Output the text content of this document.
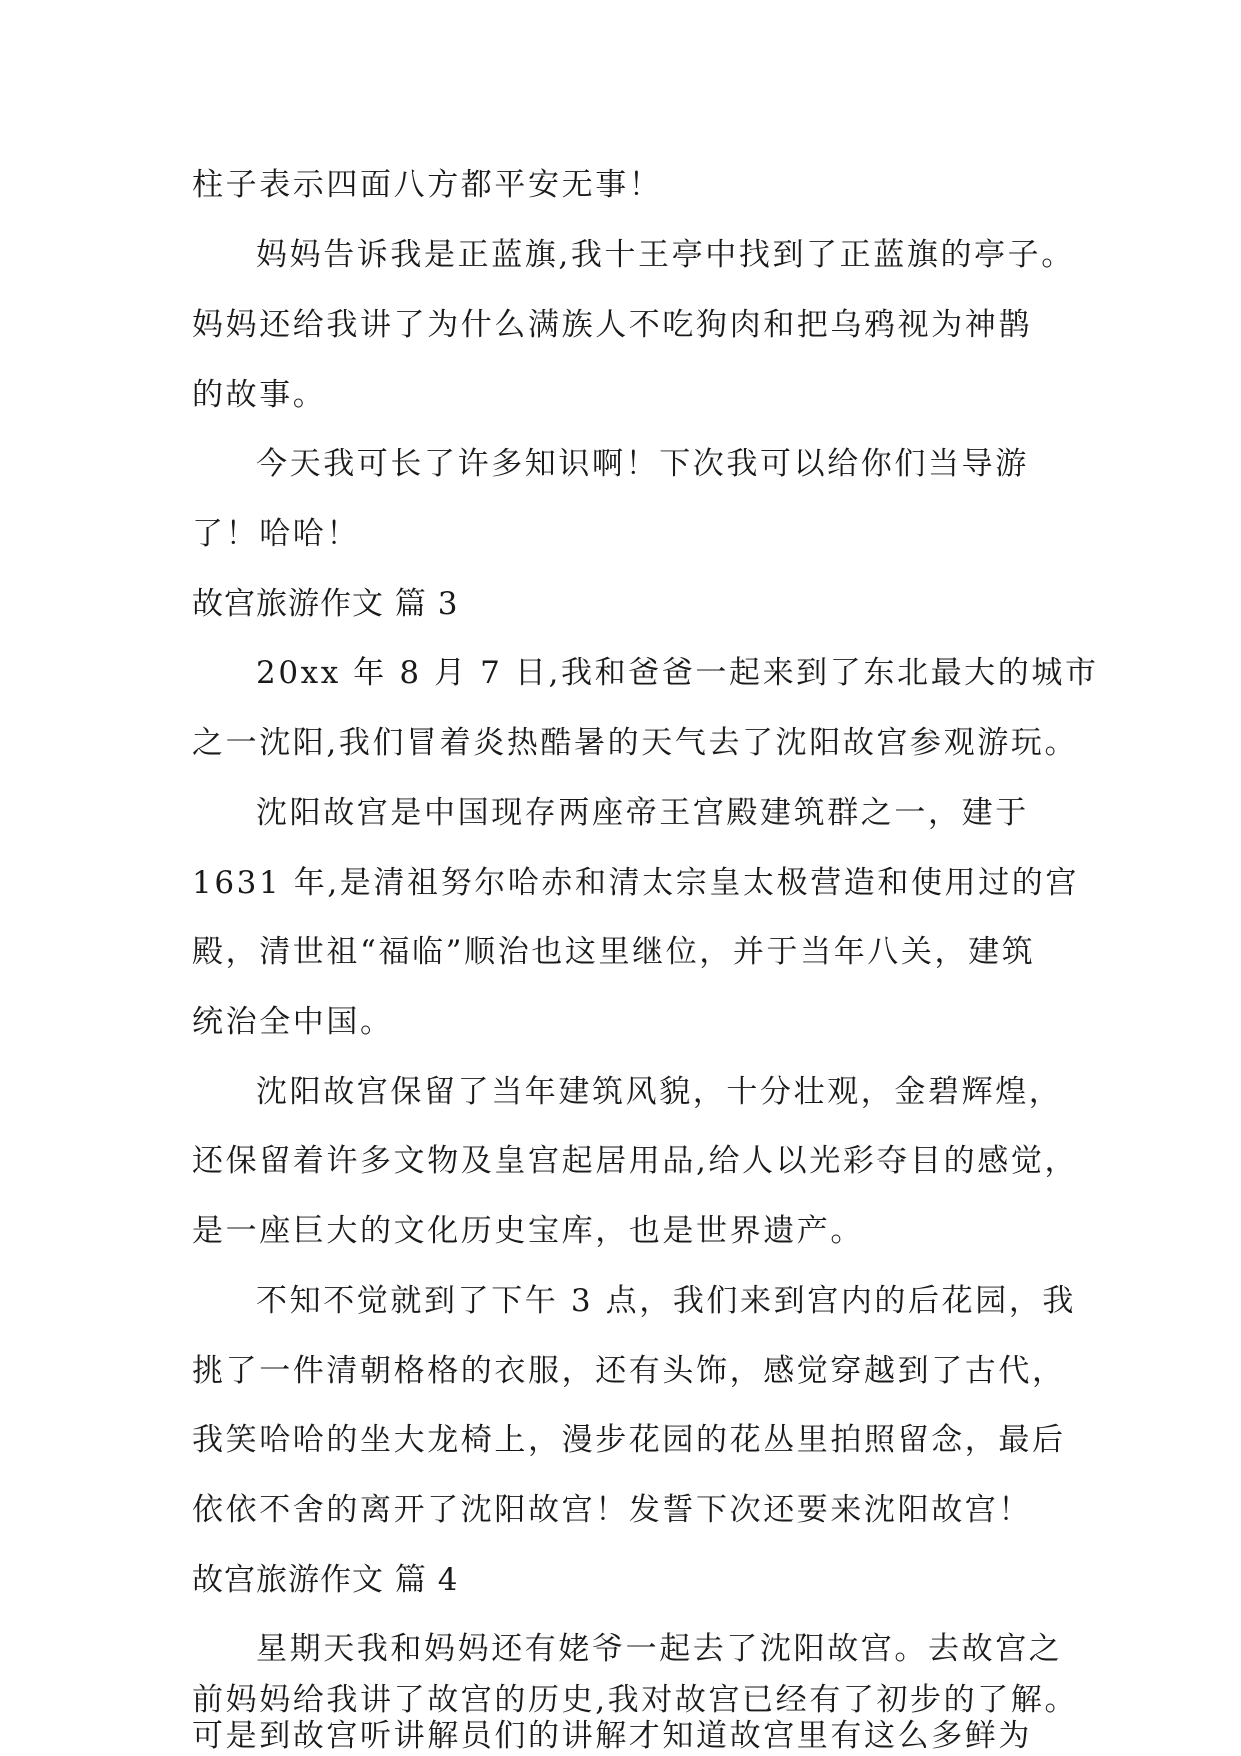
柱子表示四面八方都平安无事！
妈妈告诉我是正蓝旗,我十王亭中找到了正蓝旗的亭子。
妈妈还给我讲了为什么满族人不吃狗肉和把乌鸦视为神鹊
的故事。
今天我可长了许多知识啊！下次我可以给你们当导游
了！哈哈！
故宫旅游作文 篇 3
20xx 年 8 月 7 日,我和爸爸一起来到了东北最大的城市
之一沈阳,我们冒着炎热酷暑的天气去了沈阳故宫参观游玩。
沈阳故宫是中国现存两座帝王宫殿建筑群之一，建于
1631 年,是清祖努尔哈赤和清太宗皇太极营造和使用过的宫
殿，清世祖“福临”顺治也这里继位，并于当年八关，建筑
统治全中国。
沈阳故宫保留了当年建筑风貌，十分壮观，金碧辉煌，
还保留着许多文物及皇宫起居用品,给人以光彩夺目的感觉，
是一座巨大的文化历史宝库，也是世界遗产。
不知不觉就到了下午 3 点，我们来到宫内的后花园，我
挑了一件清朝格格的衣服，还有头饰，感觉穿越到了古代，
我笑哈哈的坐大龙椅上，漫步花园的花丛里拍照留念，最后
依依不舍的离开了沈阳故宫！发誓下次还要来沈阳故宫！
故宫旅游作文 篇 4
星期天我和妈妈还有姥爷一起去了沈阳故宫。去故宫之
前妈妈给我讲了故宫的历史,我对故宫已经有了初步的了解。
可是到故宫听讲解员们的讲解才知道故宫里有这么多鲜为
